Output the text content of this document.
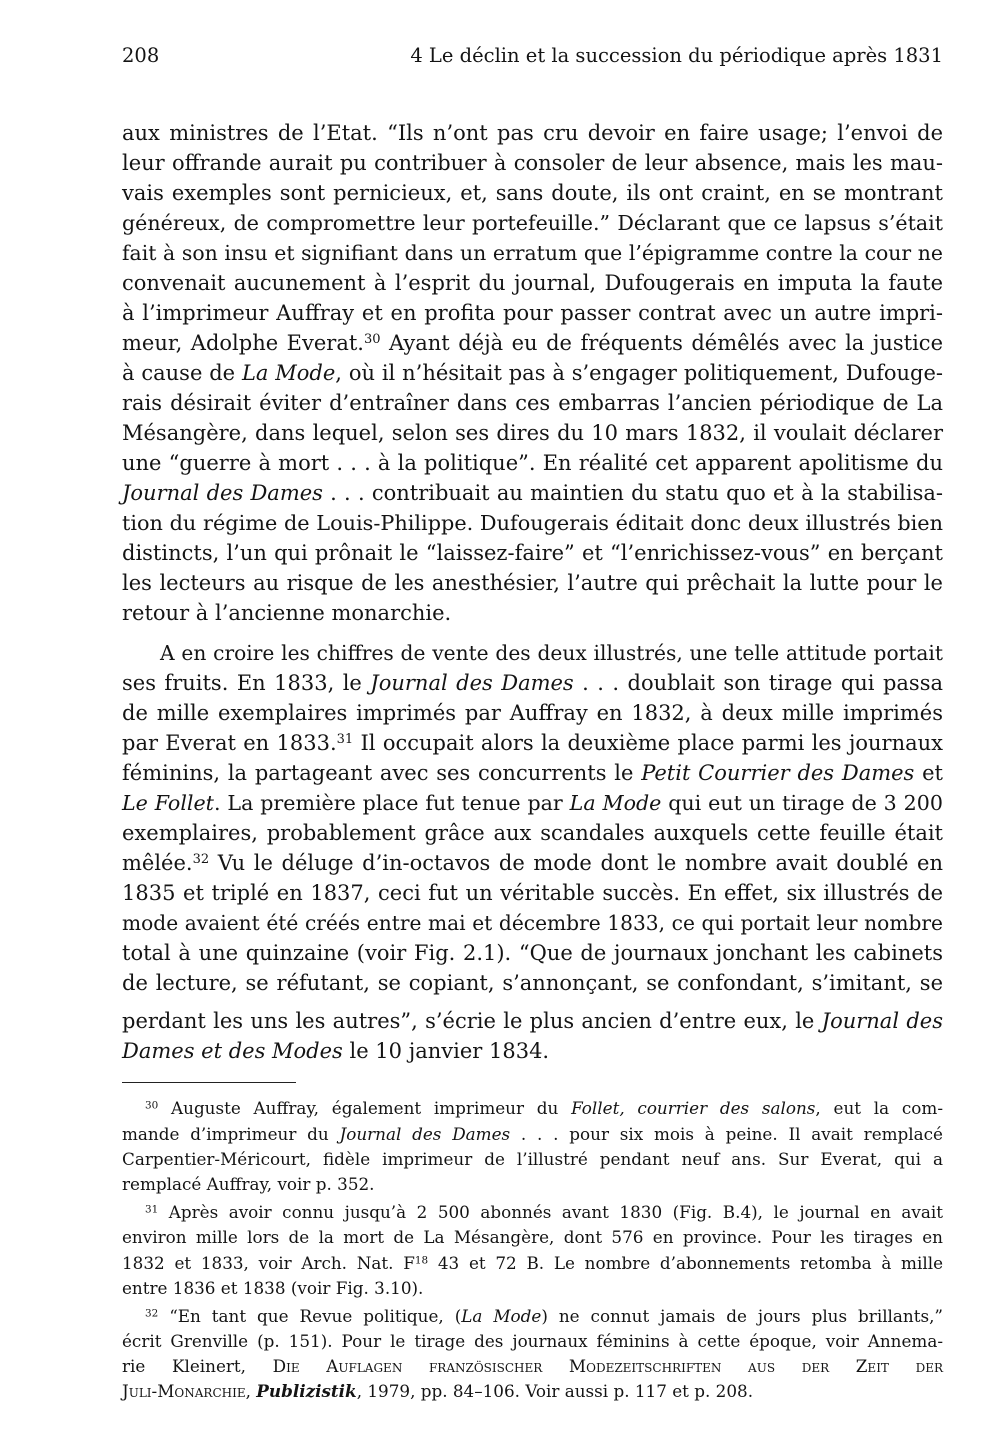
208	4 Le déclin et la succession du périodique après 1831
aux ministres de l’Etat. “Ils n’ont pas cru devoir en faire usage; l’envoi de
leur offrande aurait pu contribuer à consoler de leur absence, mais les mau-
vais exemples sont pernicieux, et, sans doute, ils ont craint, en se montrant
généreux, de compromettre leur portefeuille.” Déclarant que ce lapsus s’était
fait à son insu et signifiant dans un erratum que l’épigramme contre la cour ne
convenait aucunement à l’esprit du journal, Dufougerais en imputa la faute
à l’imprimeur Auffray et en profita pour passer contrat avec un autre impri-
meur, Adolphe Everat.$^{30}$ Ayant déjà eu de fréquents démêlés avec la justice
à cause de La Mode, où il n’hésitait pas à s’engager politiquement, Dufouge-
rais désirait éviter d’entraîner dans ces embarras l’ancien périodique de La
Mésangère, dans lequel, selon ses dires du 10 mars 1832, il voulait déclarer
une “guerre à mort . . . à la politique”. En réalité cet apparent apolitisme du
Journal des Dames . . . contribuait au maintien du statu quo et à la stabilisa-
tion du régime de Louis-Philippe. Dufougerais éditait donc deux illustrés bien
distincts, l’un qui prônait le “laissez-faire” et “l’enrichissez-vous” en berçant
les lecteurs au risque de les anesthésier, l’autre qui prêchait la lutte pour le
retour à l’ancienne monarchie.
A en croire les chiffres de vente des deux illustrés, une telle attitude portait
ses fruits. En 1833, le Journal des Dames . . . doublait son tirage qui passa
de mille exemplaires imprimés par Auffray en 1832, à deux mille imprimés
par Everat en 1833.31 Il occupait alors la deuxième place parmi les journaux
féminins, la partageant avec ses concurrents le Petit Courrier des Dames et
Le Follet. La première place fut tenue par La Mode qui eut un tirage de 3 200
exemplaires, probablement grâce aux scandales auxquels cette feuille était
mêlée.$^{32}$ Vu le déluge d’in-octavos de mode dont le nombre avait doublé en
1835 et triplé en 1837, ceci fut un véritable succès. En effet, six illustrés de
mode avaient été créés entre mai et décembre 1833, ce qui portait leur nombre
total à une quinzaine (voir Fig. 2.1). “Que de journaux jonchant les cabinets
de lecture, se réfutant, se copiant, s’annonçant, se confondant, s’imitant, se
perdant les uns les autres”, s’écrie le plus ancien d’entre eux, le Journal des
Dames et des Modes le 10 janvier 1834.
$^{30}$ Auguste Auffray, également imprimeur du Follet, courrier des salons, eut la com-
mande d’imprimeur du Journal des Dames . . . pour six mois à peine. Il avait remplacé
Carpentier-Méricourt, fidèle imprimeur de l’illustré pendant neuf ans. Sur Everat, qui a
remplacé Auffray, voir p. 352.
$^{31}$ Après avoir connu jusqu’à 2 500 abonnés avant 1830 (Fig. B.4), le journal en avait
environ mille lors de la mort de La Mésangère, dont 576 en province. Pour les tirages en
1832 et 1833, voir Arch. Nat. $F^{18}$ 43 et 72 B. Le nombre d’abonnements retomba à mille
entre 1836 et 1838 (voir Fig. 3.10).
$^{32}$ “En tant que Revue politique, (La Mode) ne connut jamais de jours plus brillants,”
écrit Grenville (p. 151). Pour le tirage des journaux féminins à cette époque, voir Annema-
rie Kleinert, Die Auflagen französischer Modezeitschriften aus der Zeit der
Juli-Monarchie, Publizistik, 1979, pp. 84–106. Voir aussi p. 117 et p. 208.
